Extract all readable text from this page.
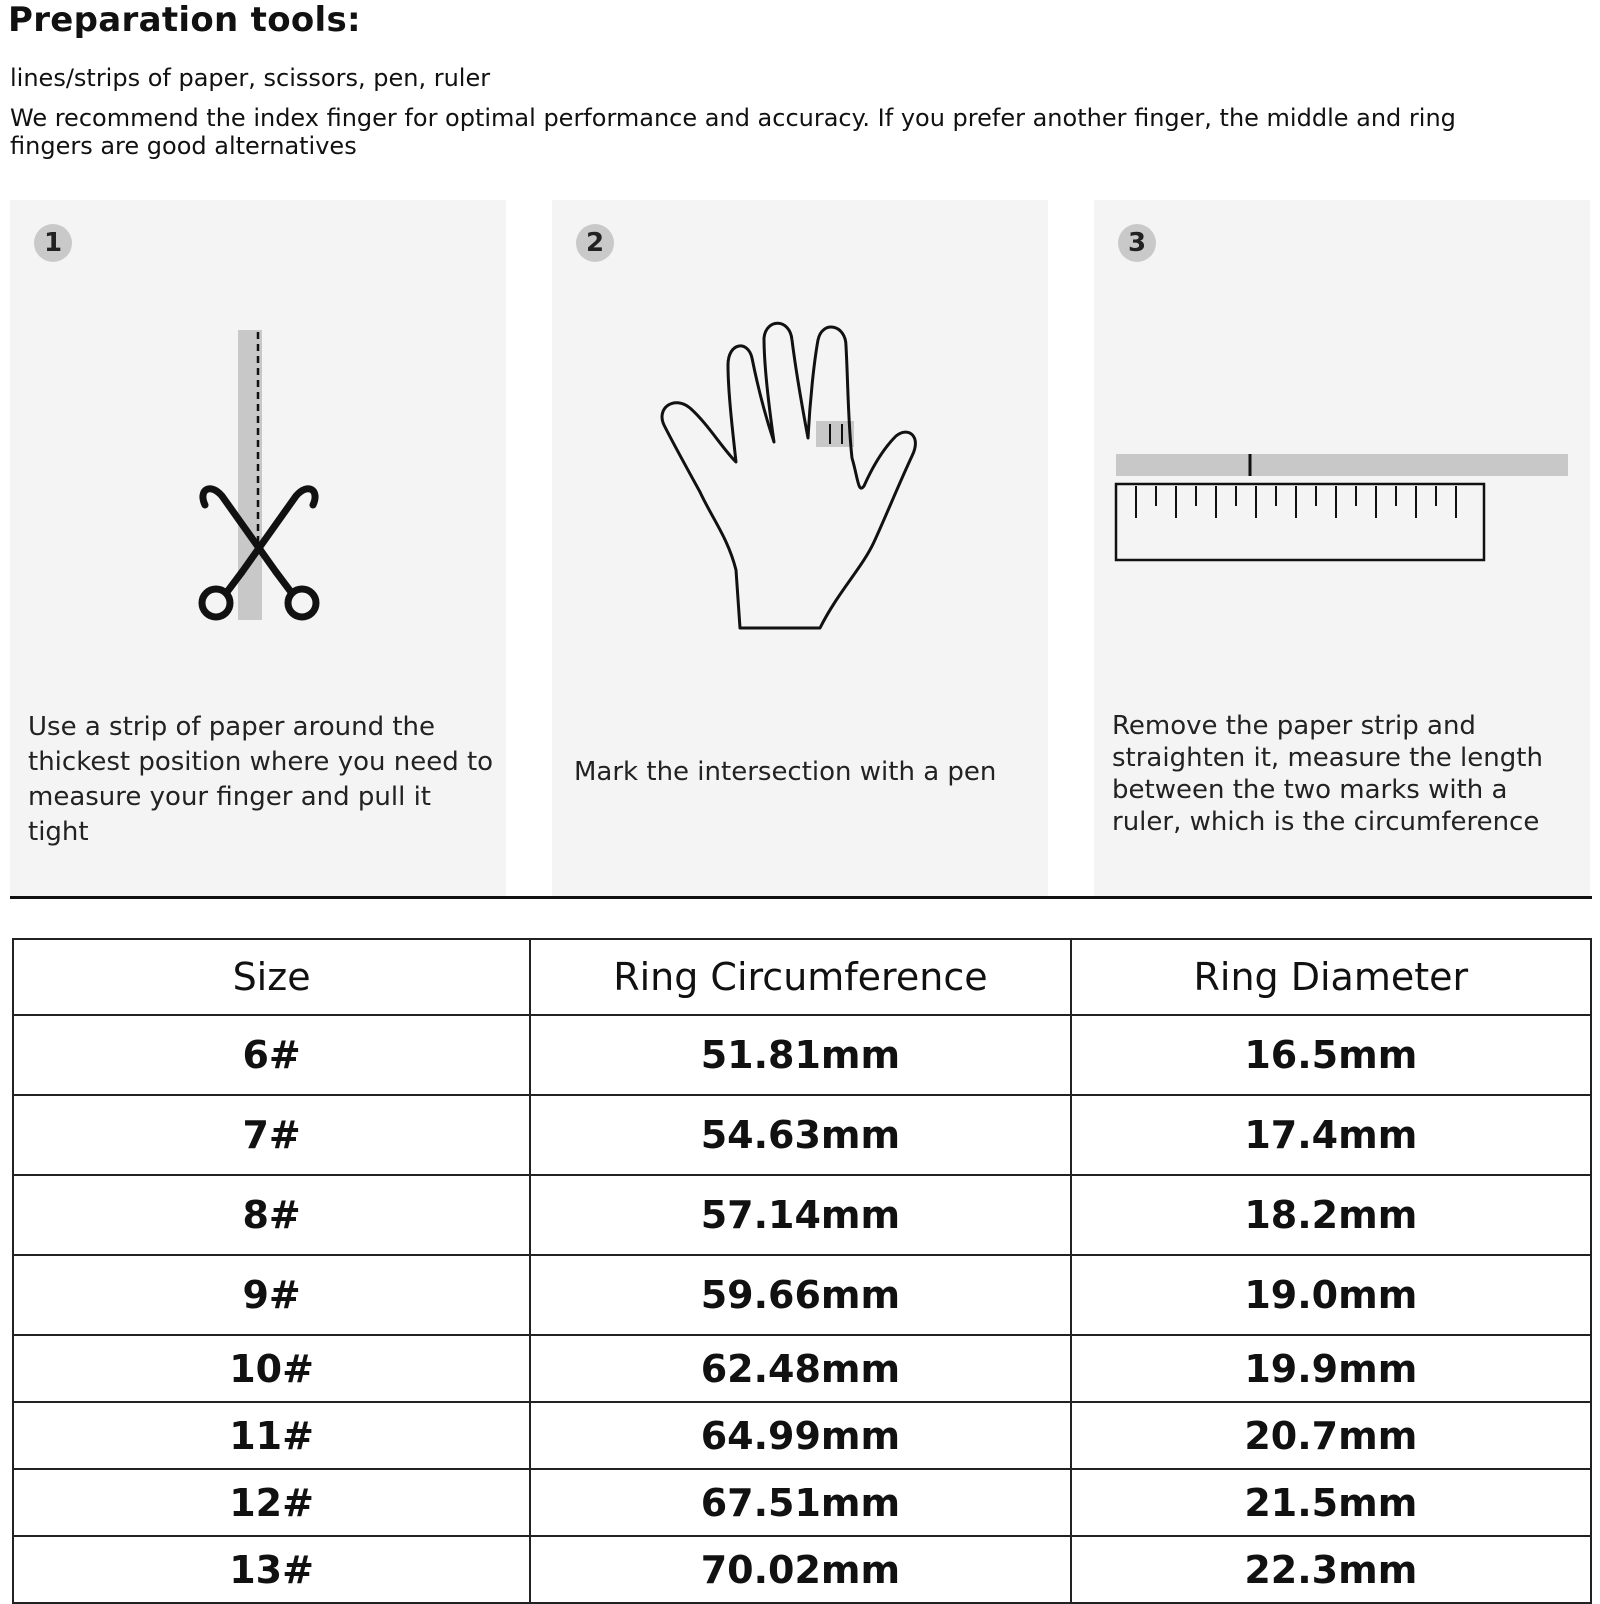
Preparation tools:
lines/strips of paper, scissors, pen, ruler
We recommend the index finger for optimal performance and accuracy. If you prefer another finger, the middle and ring fingers are good alternatives
1
Use a strip of paper around the thickest position where you need to measure your finger and pull it tight
2
Mark the intersection with a pen
3
Remove the paper strip and straighten it, measure the length between the two marks with a ruler, which is the circumference
Size	Ring Circumference	Ring Diameter
6#	51.81mm	16.5mm
7#	54.63mm	17.4mm
8#	57.14mm	18.2mm
9#	59.66mm	19.0mm
10#	62.48mm	19.9mm
11#	64.99mm	20.7mm
12#	67.51mm	21.5mm
13#	70.02mm	22.3mm
